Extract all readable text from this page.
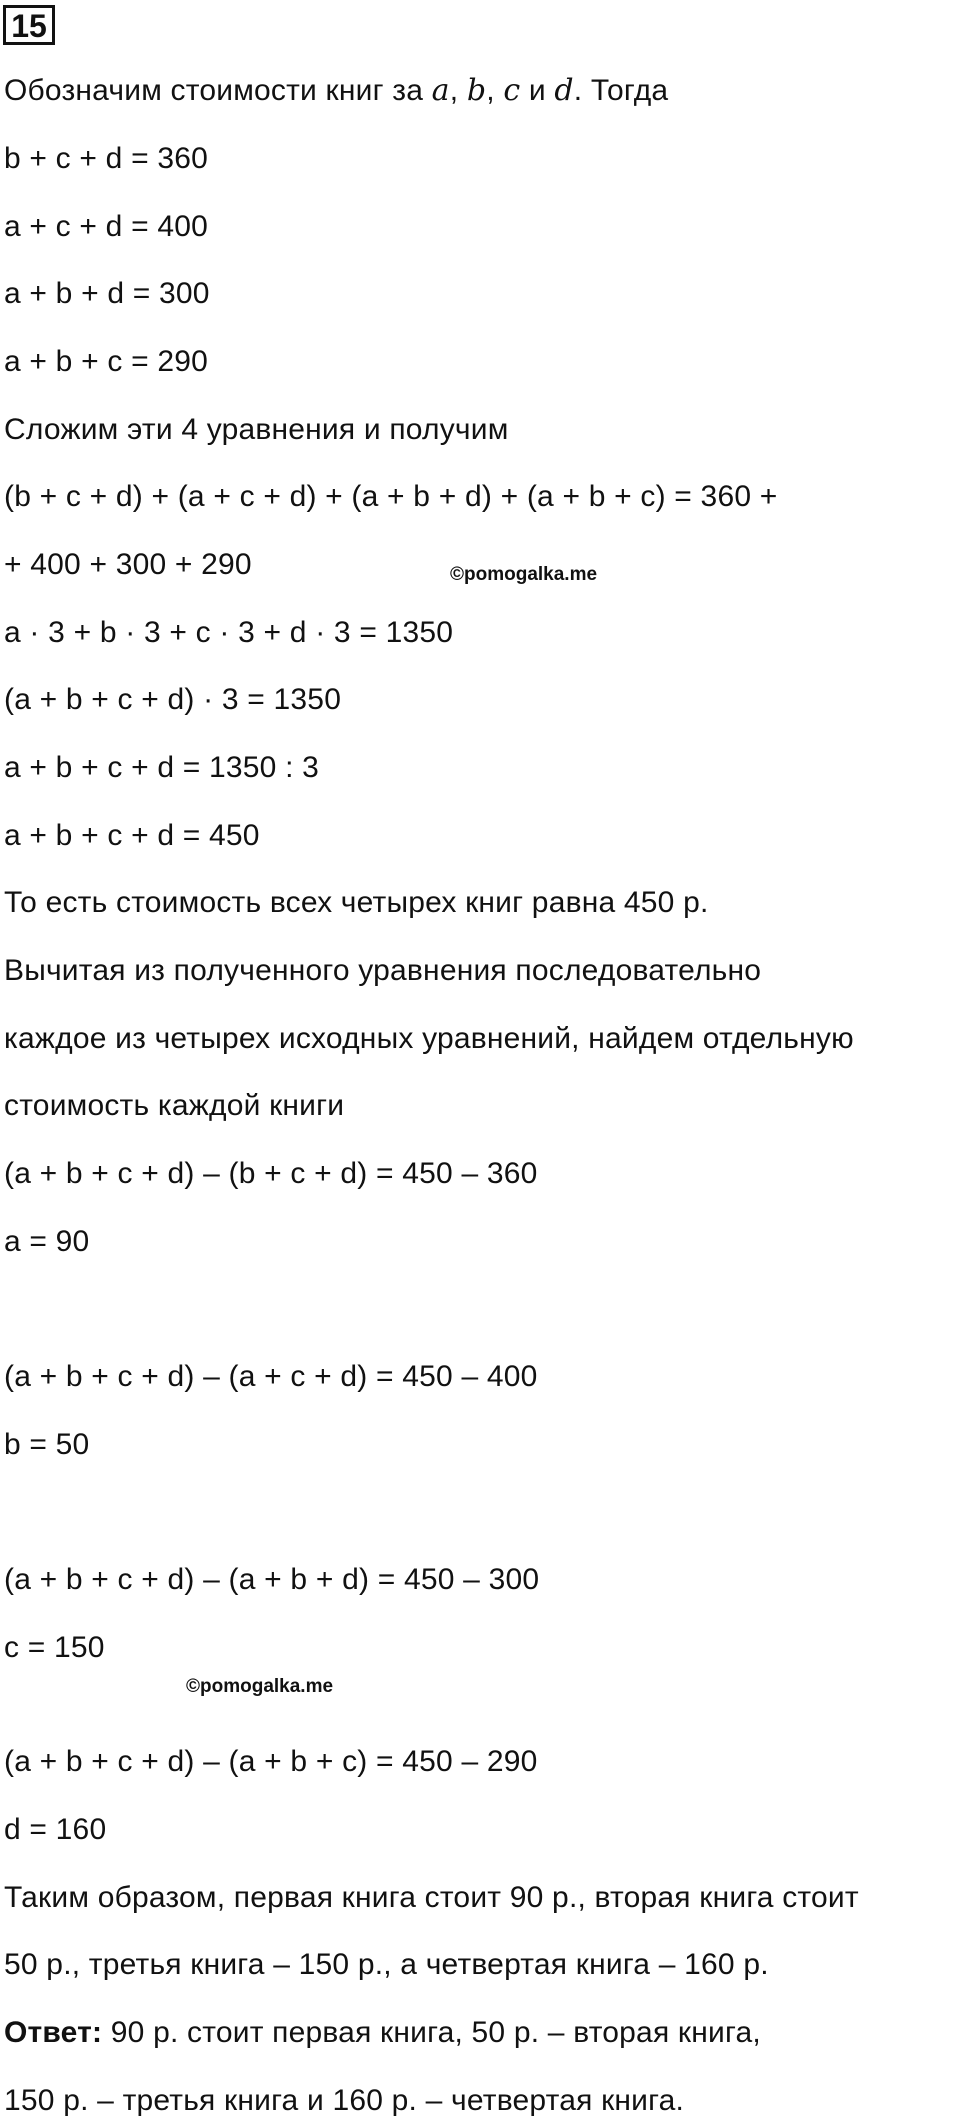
15
Обозначим стоимости книг за a, b, c и d. Тогда
b + c + d = 360
a + c + d = 400
a + b + d = 300
a + b + c = 290
Сложим эти 4 уравнения и получим
(b + c + d) + (a + c + d) + (a + b + d) + (a + b + c) = 360 +
+ 400 + 300 + 290	©pomogalka.me
a · 3 + b · 3 + c · 3 + d · 3 = 1350
(a + b + c + d) · 3 = 1350
a + b + c + d = 1350 : 3
a + b + c + d = 450
То есть стоимость всех четырех книг равна 450 р.
Вычитая из полученного уравнения последовательно
каждое из четырех исходных уравнений, найдем отдельную
стоимость каждой книги
(a + b + c + d) – (b + c + d) = 450 – 360
a = 90
(a + b + c + d) – (a + c + d) = 450 – 400
b = 50
(a + b + c + d) – (a + b + d) = 450 – 300
c = 150
©pomogalka.me
(a + b + c + d) – (a + b + c) = 450 – 290
d = 160
Таким образом, первая книга стоит 90 р., вторая книга стоит
50 р., третья книга – 150 р., а четвертая книга – 160 р.
Ответ: 90 р. стоит первая книга, 50 р. – вторая книга,
150 р. – третья книга и 160 р. – четвертая книга.
